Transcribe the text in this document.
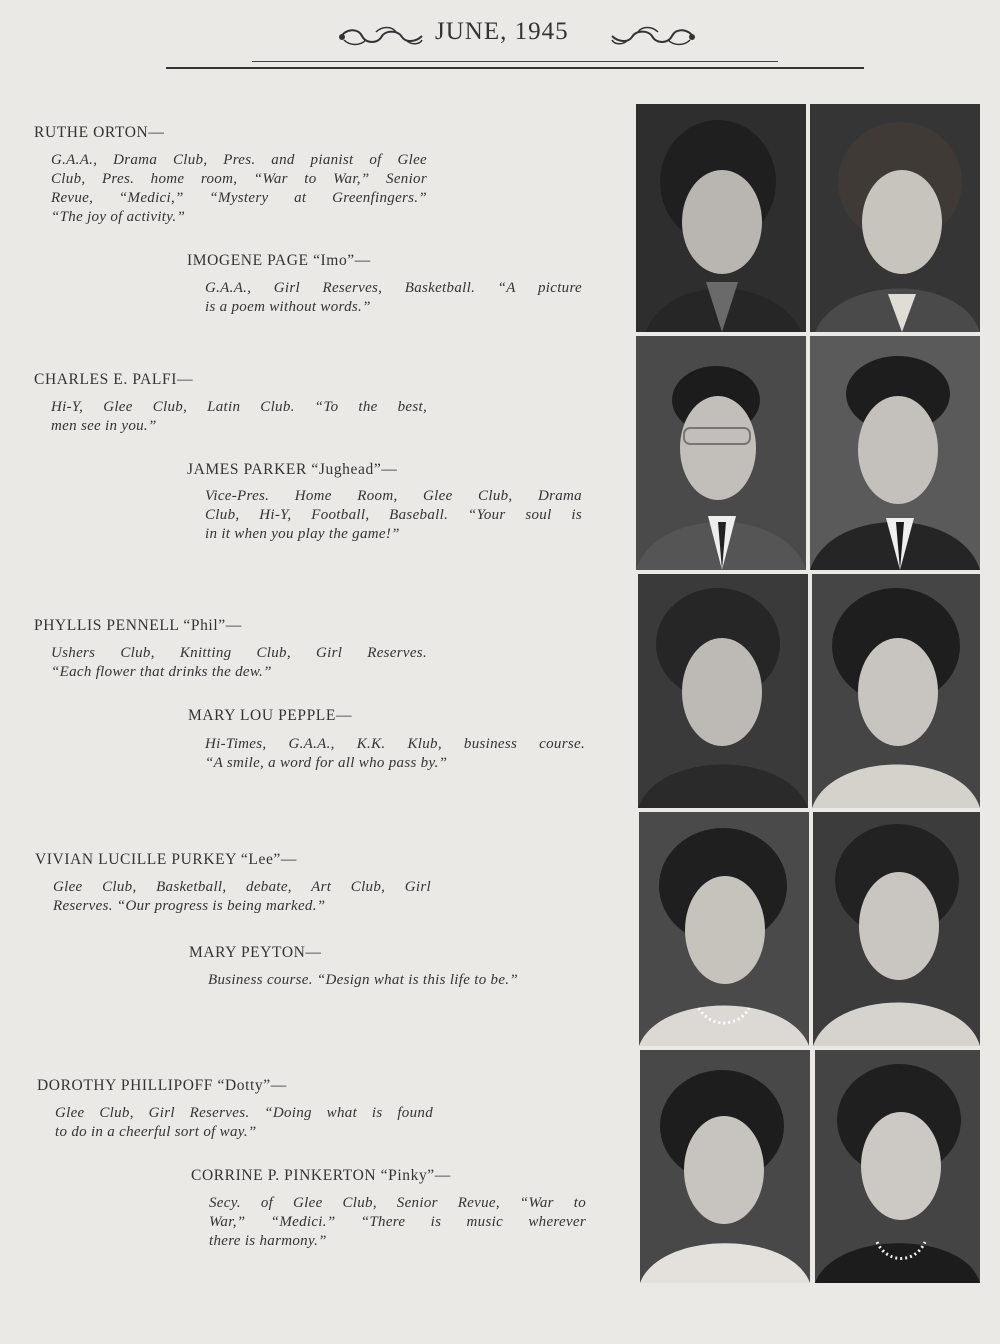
JUNE, 1945
RUTHE ORTON—
G.A.A., Drama Club, Pres. and pianist of Glee
Club, Pres. home room, “War to War,” Senior
Revue, “Medici,” “Mystery at Greenfingers.”
“The joy of activity.”
IMOGENE PAGE “Imo”—
G.A.A., Girl Reserves, Basketball. “A picture
is a poem without words.”
CHARLES E. PALFI—
Hi-Y, Glee Club, Latin Club. “To the best,
men see in you.”
JAMES PARKER “Jughead”—
Vice-Pres. Home Room, Glee Club, Drama
Club, Hi-Y, Football, Baseball. “Your soul is
in it when you play the game!”
PHYLLIS PENNELL “Phil”—
Ushers Club, Knitting Club, Girl Reserves.
“Each flower that drinks the dew.”
MARY LOU PEPPLE—
Hi-Times, G.A.A., K.K. Klub, business course.
“A smile, a word for all who pass by.”
VIVIAN LUCILLE PURKEY “Lee”—
Glee Club, Basketball, debate, Art Club, Girl
Reserves. “Our progress is being marked.”
MARY PEYTON—
Business course. “Design what is this life to be.”
DOROTHY PHILLIPOFF “Dotty”—
Glee Club, Girl Reserves. “Doing what is found
to do in a cheerful sort of way.”
CORRINE P. PINKERTON “Pinky”—
Secy. of Glee Club, Senior Revue, “War to
War,” “Medici.” “There is music wherever
there is harmony.”
